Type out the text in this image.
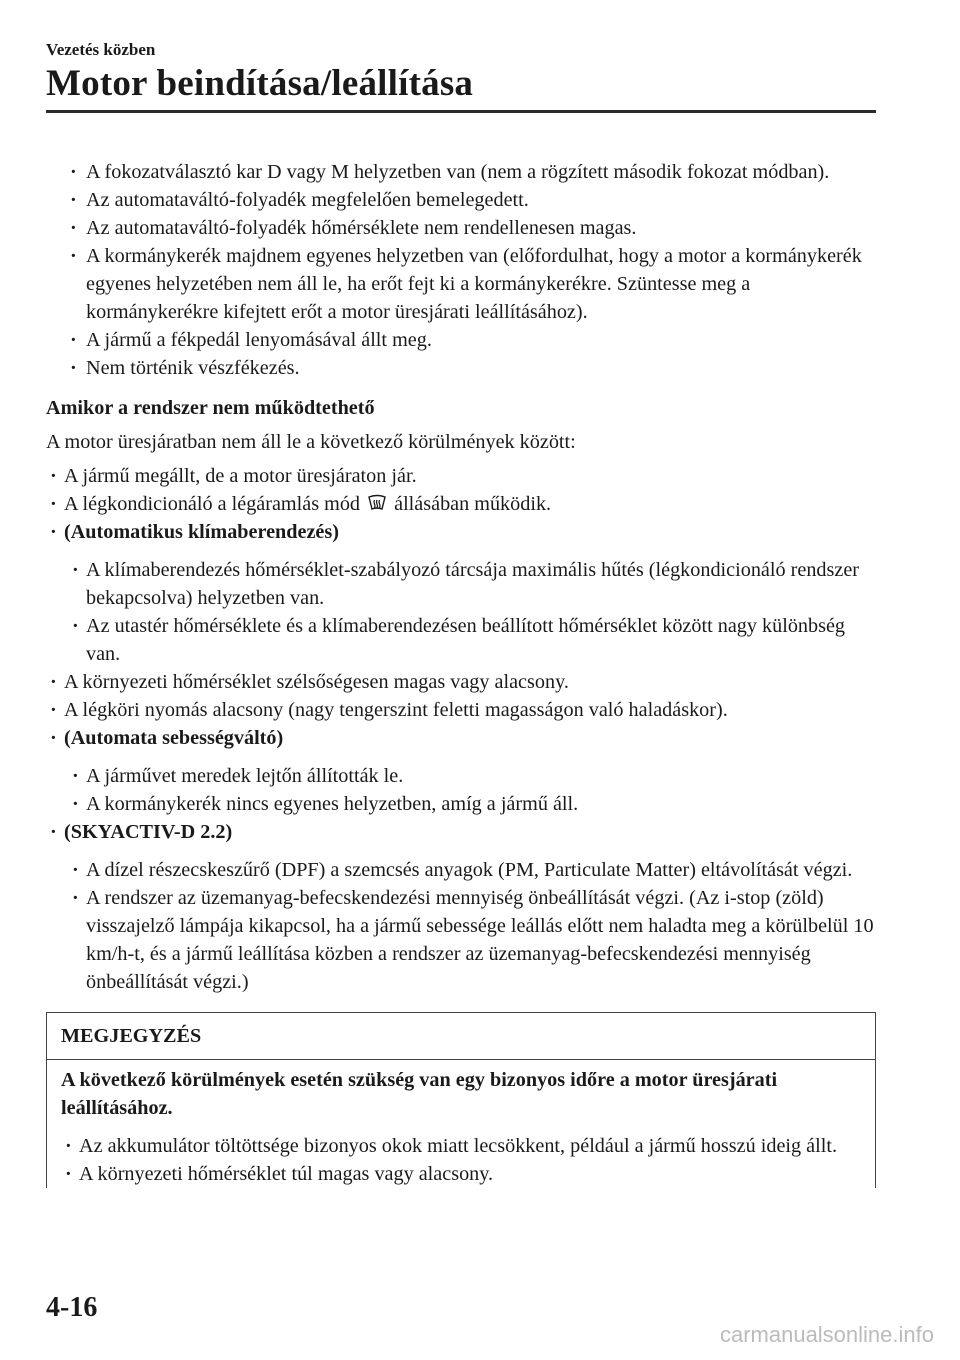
Vezetés közben
Motor beindítása/leállítása
· A fokozatválasztó kar D vagy M helyzetben van (nem a rögzített második fokozat módban).
· Az automataváltó-folyadék megfelelően bemelegedett.
· Az automataváltó-folyadék hőmérséklete nem rendellenesen magas.
· A kormánykerék majdnem egyenes helyzetben van (előfordulhat, hogy a motor a kormánykerék egyenes helyzetében nem áll le, ha erőt fejt ki a kormánykerékre. Szüntesse meg a kormánykerékre kifejtett erőt a motor üresjárati leállításához).
· A jármű a fékpedál lenyomásával állt meg.
· Nem történik vészfékezés.
Amikor a rendszer nem működtethető
A motor üresjáratban nem áll le a következő körülmények között:
· A jármű megállt, de a motor üresjáraton jár.
· A légkondicionáló a légáramlás mód állásában működik.
· (Automatikus klímaberendezés)
· A klímaberendezés hőmérséklet-szabályozó tárcsája maximális hűtés (légkondicionáló rendszer bekapcsolva) helyzetben van.
· Az utastér hőmérséklete és a klímaberendezésen beállított hőmérséklet között nagy különbség van.
· A környezeti hőmérséklet szélsőségesen magas vagy alacsony.
· A légköri nyomás alacsony (nagy tengerszint feletti magasságon való haladáskor).
· (Automata sebességváltó)
· A járművet meredek lejtőn állították le.
· A kormánykerék nincs egyenes helyzetben, amíg a jármű áll.
· (SKYACTIV-D 2.2)
· A dízel részecskeszűrő (DPF) a szemcsés anyagok (PM, Particulate Matter) eltávolítását végzi.
· A rendszer az üzemanyag-befecskendezési mennyiség önbeállítását végzi. (Az i-stop (zöld) visszajelző lámpája kikapcsol, ha a jármű sebessége leállás előtt nem haladta meg a körülbelül 10 km/h-t, és a jármű leállítása közben a rendszer az üzemanyag-befecskendezési mennyiség önbeállítását végzi.)
MEGJEGYZÉS
A következő körülmények esetén szükség van egy bizonyos időre a motor üresjárati leállításához.
· Az akkumulátor töltöttsége bizonyos okok miatt lecsökkent, például a jármű hosszú ideig állt.
· A környezeti hőmérséklet túl magas vagy alacsony.
4-16
carmanualsonline.info
